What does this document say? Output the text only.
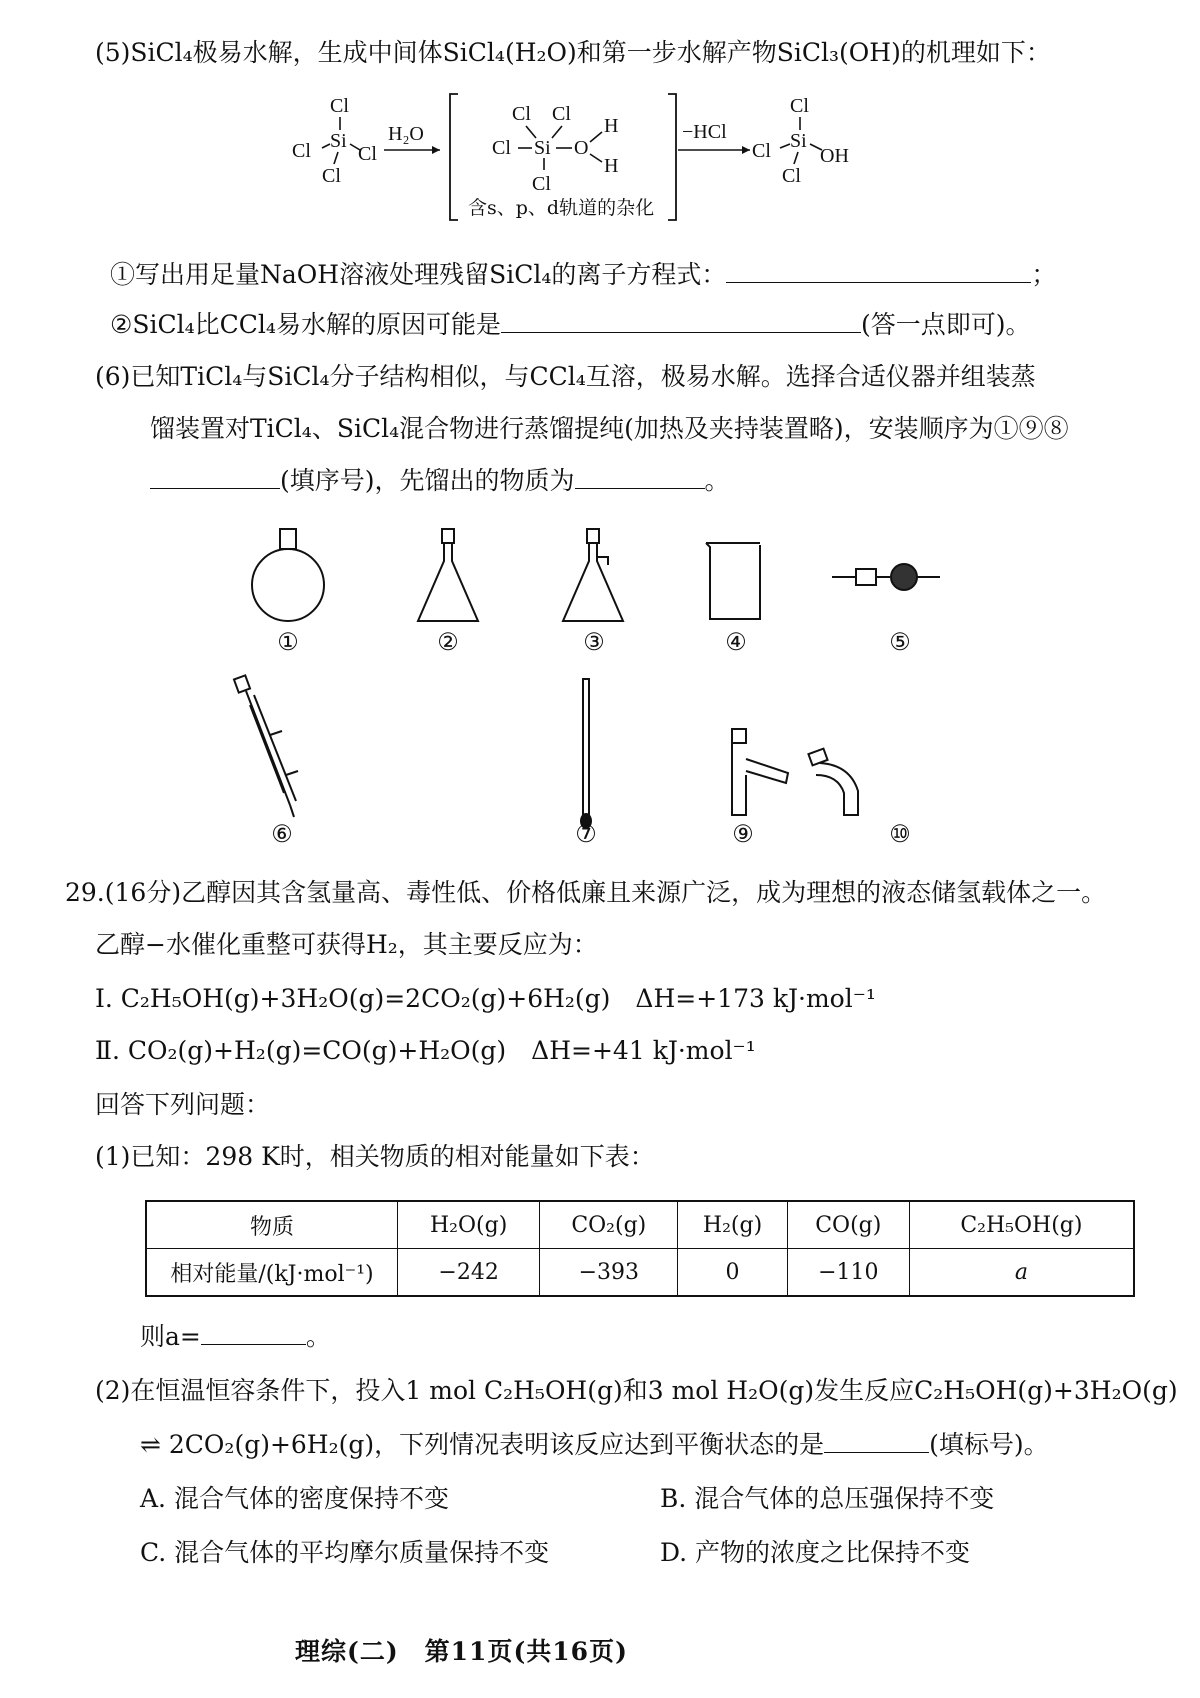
(5)SiCl₄极易水解，生成中间体SiCl₄(H₂O)和第一步水解产物SiCl₃(OH)的机理如下：
Cl
Si
Cl Cl
Cl
H₂O
Cl Cl
Cl Si O
H
H
Cl
含s、p、d轨道的杂化
−HCl
Cl
Si
Cl OH
Cl
①写出用足量NaOH溶液处理残留SiCl₄的离子方程式：	；
②SiCl₄比CCl₄易水解的原因可能是	(答一点即可)。
(6)已知TiCl₄与SiCl₄分子结构相似，与CCl₄互溶，极易水解。选择合适仪器并组装蒸
馏装置对TiCl₄、SiCl₄混合物进行蒸馏提纯(加热及夹持装置略)，安装顺序为①⑨⑧
(填序号)，先馏出的物质为	。
①	②	③	④	⑤
⑥	⑦	⑨	⑩
29.(16分)乙醇因其含氢量高、毒性低、价格低廉且来源广泛，成为理想的液态储氢载体之一。
乙醇−水催化重整可获得H₂，其主要反应为：
Ⅰ. C₂H₅OH(g)+3H₂O(g)=2CO₂(g)+6H₂(g)　ΔH=+173 kJ·mol⁻¹
Ⅱ. CO₂(g)+H₂(g)=CO(g)+H₂O(g)　ΔH=+41 kJ·mol⁻¹
回答下列问题：
(1)已知：298 K时，相关物质的相对能量如下表：
物质	H₂O(g)	CO₂(g)	H₂(g)	CO(g)	C₂H₅OH(g)
相对能量/(kJ·mol⁻¹)	−242	−393	0	−110	a
则a=	。
(2)在恒温恒容条件下，投入1 mol C₂H₅OH(g)和3 mol H₂O(g)发生反应C₂H₅OH(g)+3H₂O(g)
⇌ 2CO₂(g)+6H₂(g)，下列情况表明该反应达到平衡状态的是	(填标号)。
A. 混合气体的密度保持不变	B. 混合气体的总压强保持不变
C. 混合气体的平均摩尔质量保持不变	D. 产物的浓度之比保持不变
理综(二)　第11页(共16页)
